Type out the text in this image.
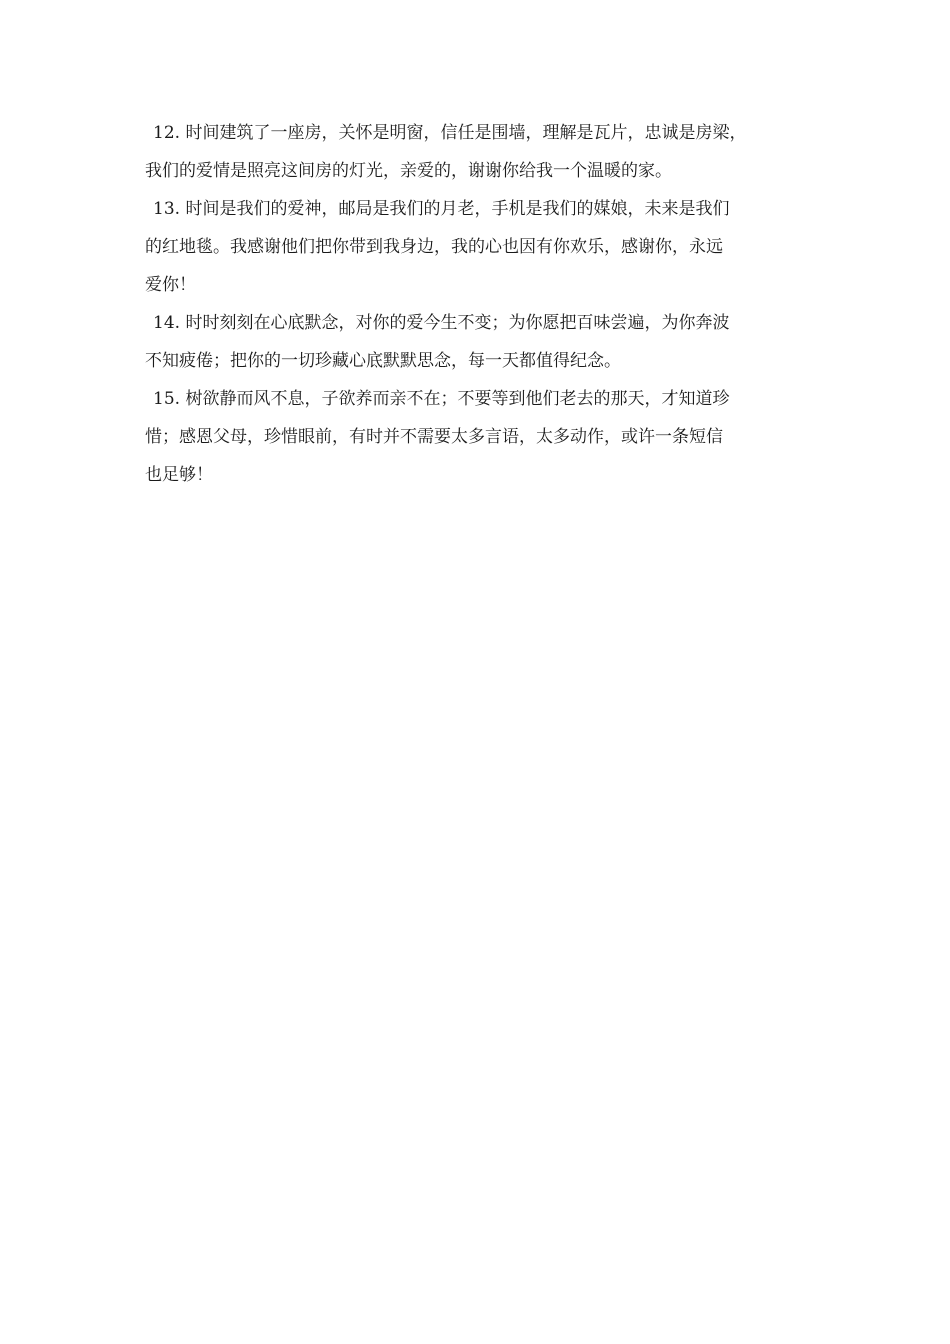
12. 时间建筑了一座房，关怀是明窗，信任是围墙，理解是瓦片，忠诚是房梁，
我们的爱情是照亮这间房的灯光，亲爱的，谢谢你给我一个温暖的家。
13. 时间是我们的爱神，邮局是我们的月老，手机是我们的媒娘，未来是我们
的红地毯。我感谢他们把你带到我身边，我的心也因有你欢乐，感谢你，永远
爱你！
14. 时时刻刻在心底默念，对你的爱今生不变；为你愿把百味尝遍，为你奔波
不知疲倦；把你的一切珍藏心底默默思念，每一天都值得纪念。
15. 树欲静而风不息，子欲养而亲不在；不要等到他们老去的那天，才知道珍
惜；感恩父母，珍惜眼前，有时并不需要太多言语，太多动作，或许一条短信
也足够！
